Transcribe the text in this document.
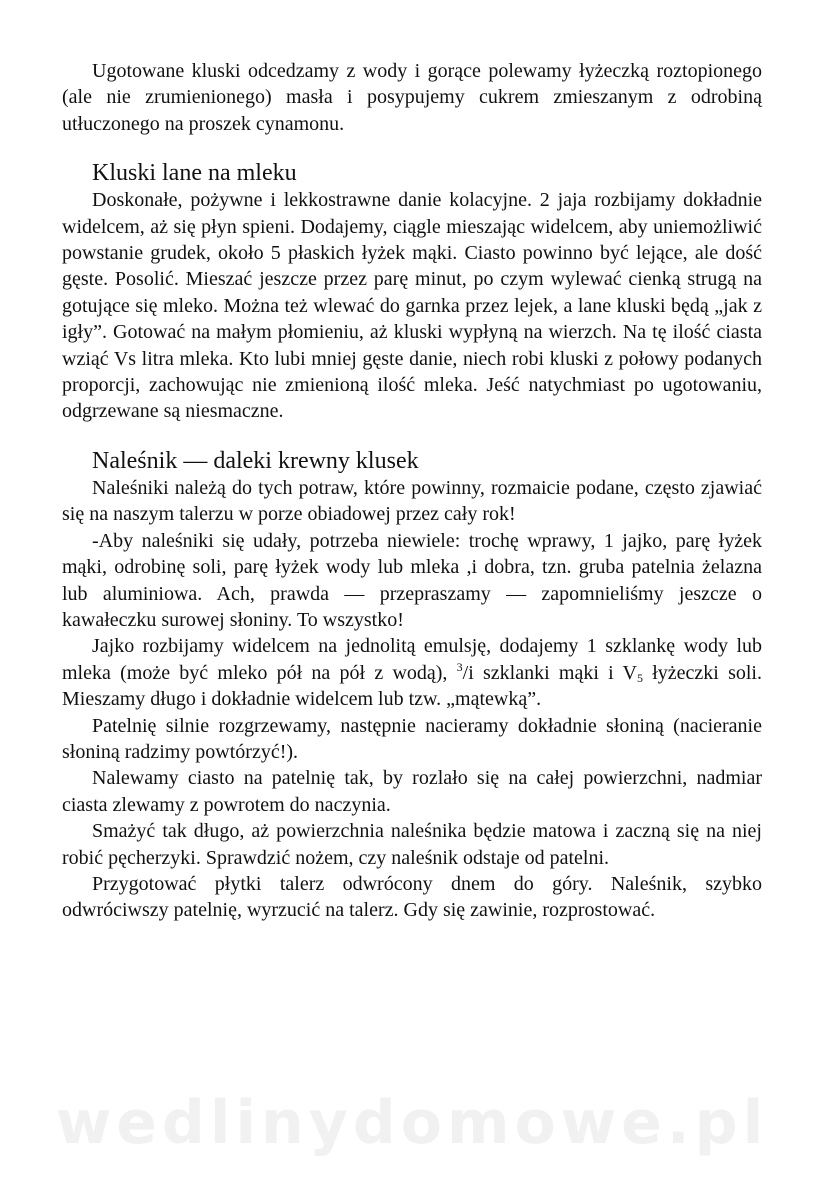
Ugotowane kluski odcedzamy z wody i gorące polewamy łyżeczką roztopionego (ale nie zrumienionego) masła i posypujemy cukrem zmieszanym z odrobiną utłuczonego na proszek cynamonu.

Kluski lane na mleku

Doskonałe, pożywne i lekkostrawne danie kolacyjne. 2 jaja rozbijamy dokładnie widelcem, aż się płyn spieni. Dodajemy, ciągle mieszając widelcem, aby uniemożliwić powstanie grudek, około 5 płaskich łyżek mąki. Ciasto powinno być lejące, ale dość gęste. Posolić. Mieszać jeszcze przez parę minut, po czym wylewać cienką strugą na gotujące się mleko. Można też wlewać do garnka przez lejek, a lane kluski będą „jak z igły”. Gotować na małym płomieniu, aż kluski wypłyną na wierzch. Na tę ilość ciasta wziąć Vs litra mleka. Kto lubi mniej gęste danie, niech robi kluski z połowy podanych proporcji, zachowując nie zmienioną ilość mleka. Jeść natychmiast po ugotowaniu, odgrzewane są niesmaczne.

Naleśnik — daleki krewny klusek

Naleśniki należą do tych potraw, które powinny, rozmaicie podane, często zjawiać się na naszym talerzu w porze obiadowej przez cały rok!

-Aby naleśniki się udały, potrzeba niewiele: trochę wprawy, 1 jajko, parę łyżek mąki, odrobinę soli, parę łyżek wody lub mleka ,i dobra, tzn. gruba patelnia żelazna lub aluminiowa. Ach, prawda — przepraszamy — zapomnieliśmy jeszcze o kawałeczku surowej słoniny. To wszystko!

Jajko rozbijamy widelcem na jednolitą emulsję, dodajemy 1 szklankę wody lub mleka (może być mleko pół na pół z wodą), $^3$/i szklanki mąki i $V_5$ łyżeczki soli. Mieszamy długo i dokładnie widelcem lub tzw. „mątewką”.

Patelnię silnie rozgrzewamy, następnie nacieramy dokładnie słoniną (nacieranie słoniną radzimy powtórzyć!).

Nalewamy ciasto na patelnię tak, by rozlało się na całej powierzchni, nadmiar ciasta zlewamy z powrotem do naczynia.

Smażyć tak długo, aż powierzchnia naleśnika będzie matowa i zaczną się na niej robić pęcherzyki. Sprawdzić nożem, czy naleśnik odstaje od patelni.

Przygotować płytki talerz odwrócony dnem do góry. Naleśnik, szybko odwróciwszy patelnię, wyrzucić na talerz. Gdy się zawinie, rozprostować.

wedlinydomowe.pl
